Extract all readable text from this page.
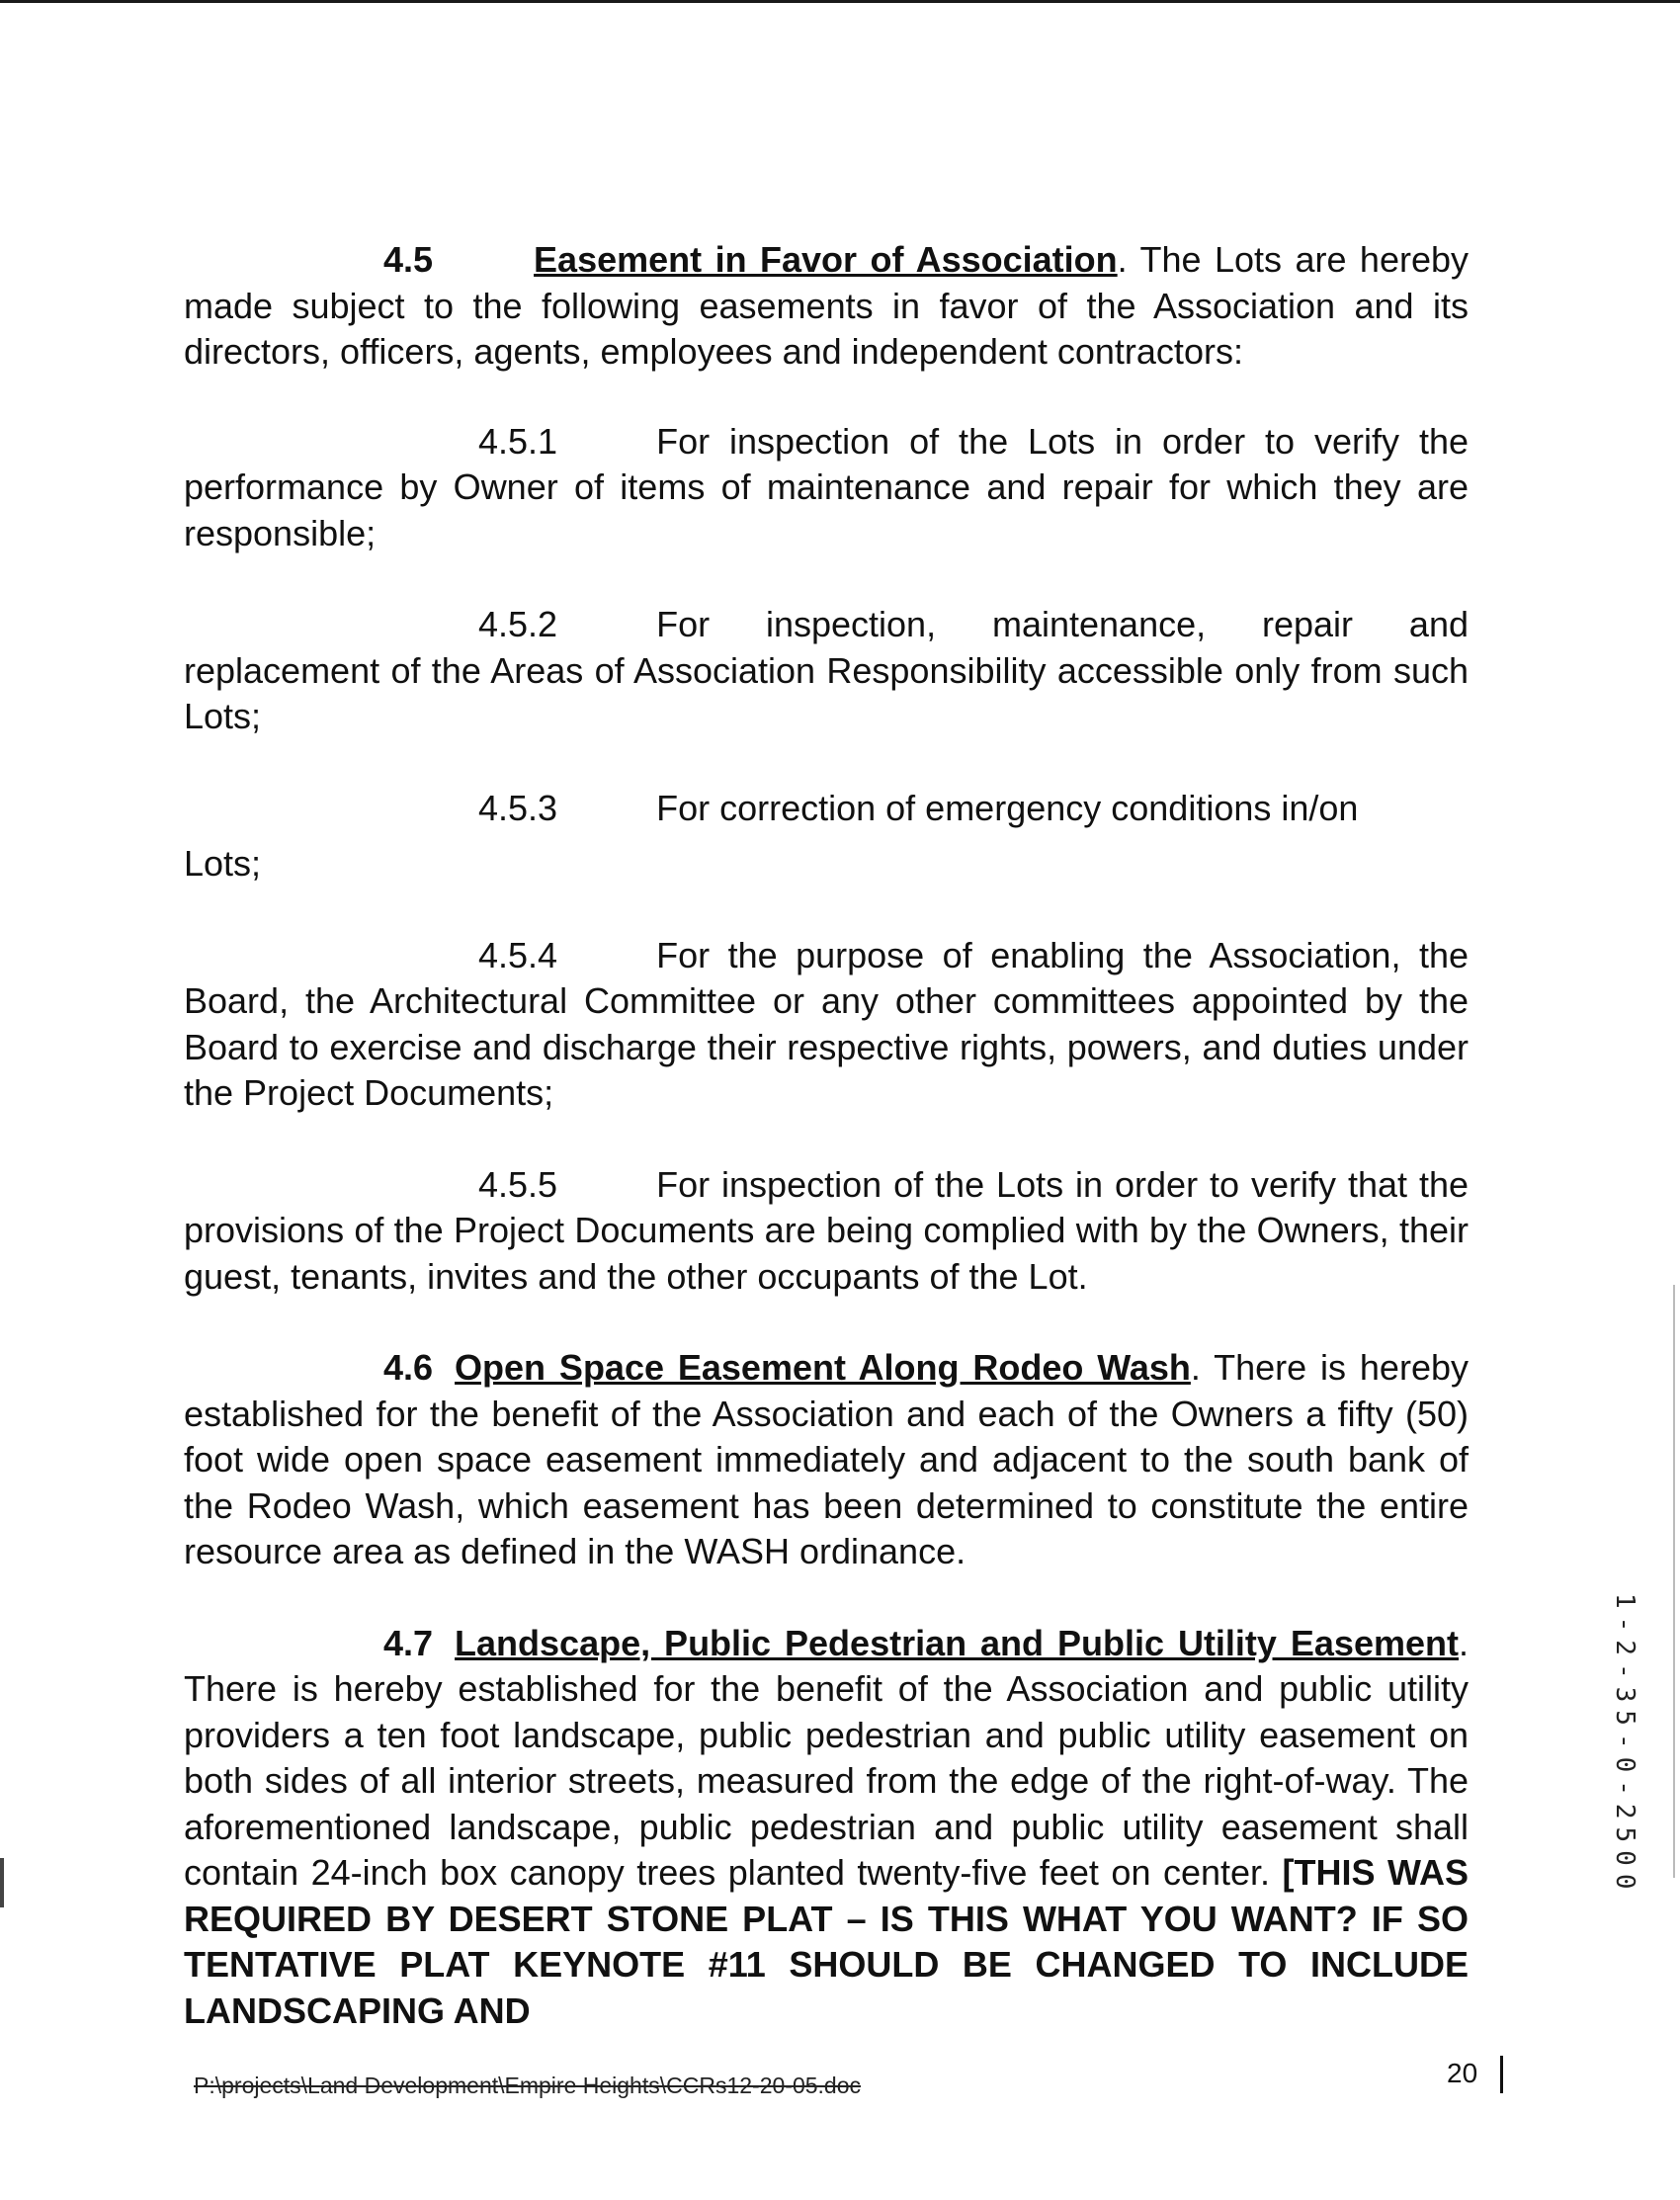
4.5	Easement in Favor of Association. The Lots are hereby made subject to the following easements in favor of the Association and its directors, officers, agents, employees and independent contractors:

4.5.1	For inspection of the Lots in order to verify the performance by Owner of items of maintenance and repair for which they are responsible;

4.5.2	For inspection, maintenance, repair and replacement of the Areas of Association Responsibility accessible only from such Lots;

4.5.3	For correction of emergency conditions in/on
Lots;

4.5.4	For the purpose of enabling the Association, the Board, the Architectural Committee or any other committees appointed by the Board to exercise and discharge their respective rights, powers, and duties under the Project Documents;

4.5.5	For inspection of the Lots in order to verify that the provisions of the Project Documents are being complied with by the Owners, their guest, tenants, invites and the other occupants of the Lot.

4.6 Open Space Easement Along Rodeo Wash. There is hereby established for the benefit of the Association and each of the Owners a fifty (50) foot wide open space easement immediately and adjacent to the south bank of the Rodeo Wash, which easement has been determined to constitute the entire resource area as defined in the WASH ordinance.

4.7 Landscape, Public Pedestrian and Public Utility Easement. There is hereby established for the benefit of the Association and public utility providers a ten foot landscape, public pedestrian and public utility easement on both sides of all interior streets, measured from the edge of the right-of-way. The aforementioned landscape, public pedestrian and public utility easement shall contain 24-inch box canopy trees planted twenty-five feet on center. [THIS WAS REQUIRED BY DESERT STONE PLAT – IS THIS WHAT YOU WANT? IF SO TENTATIVE PLAT KEYNOTE #11 SHOULD BE CHANGED TO INCLUDE LANDSCAPING AND

P:\projects\Land Development\Empire Heights\CCRs12-20-05.doc	20
1-2-35-0-2500
